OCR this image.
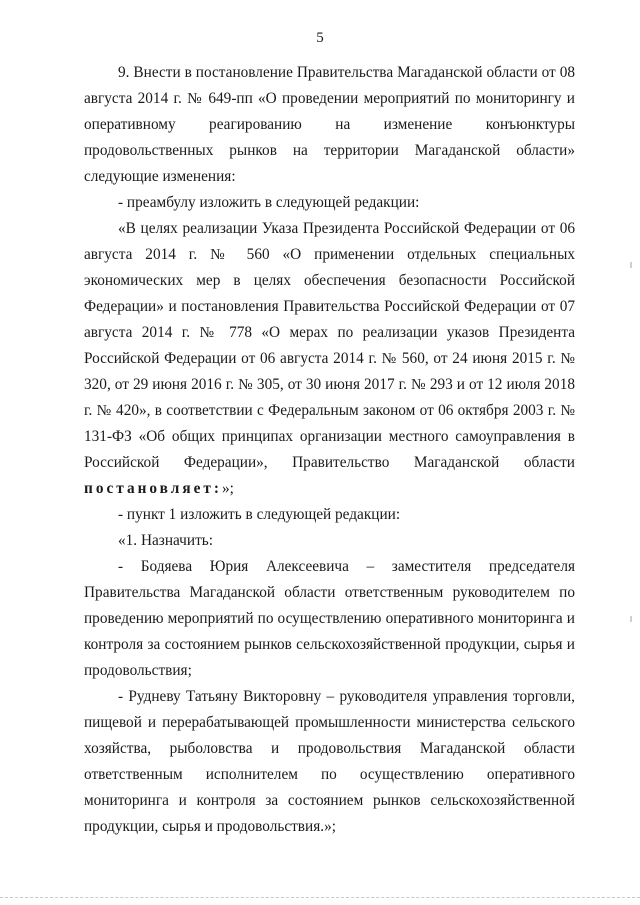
5

9. Внести в постановление Правительства Магаданской области от 08 августа 2014 г. № 649-пп «О проведении мероприятий по мониторингу и оперативному реагированию на изменение конъюнктуры продовольственных рынков на территории Магаданской области» следующие изменения:

- преамбулу изложить в следующей редакции:

«В целях реализации Указа Президента Российской Федерации от 06 августа 2014 г. № 560 «О применении отдельных специальных экономических мер в целях обеспечения безопасности Российской Федерации» и постановления Правительства Российской Федерации от 07 августа 2014 г. № 778 «О мерах по реализации указов Президента Российской Федерации от 06 августа 2014 г. № 560, от 24 июня 2015 г. № 320, от 29 июня 2016 г. № 305, от 30 июня 2017 г. № 293 и от 12 июля 2018 г. № 420», в соответствии с Федеральным законом от 06 октября 2003 г. № 131-ФЗ «Об общих принципах организации местного самоуправления в Российской Федерации», Правительство Магаданской области постановляет:»;

- пункт 1 изложить в следующей редакции:

«1. Назначить:

- Бодяева Юрия Алексеевича – заместителя председателя Правительства Магаданской области ответственным руководителем по проведению мероприятий по осуществлению оперативного мониторинга и контроля за состоянием рынков сельскохозяйственной продукции, сырья и продовольствия;

- Рудневу Татьяну Викторовну – руководителя управления торговли, пищевой и перерабатывающей промышленности министерства сельского хозяйства, рыболовства и продовольствия Магаданской области ответственным исполнителем по осуществлению оперативного мониторинга и контроля за состоянием рынков сельскохозяйственной продукции, сырья и продовольствия.»;
